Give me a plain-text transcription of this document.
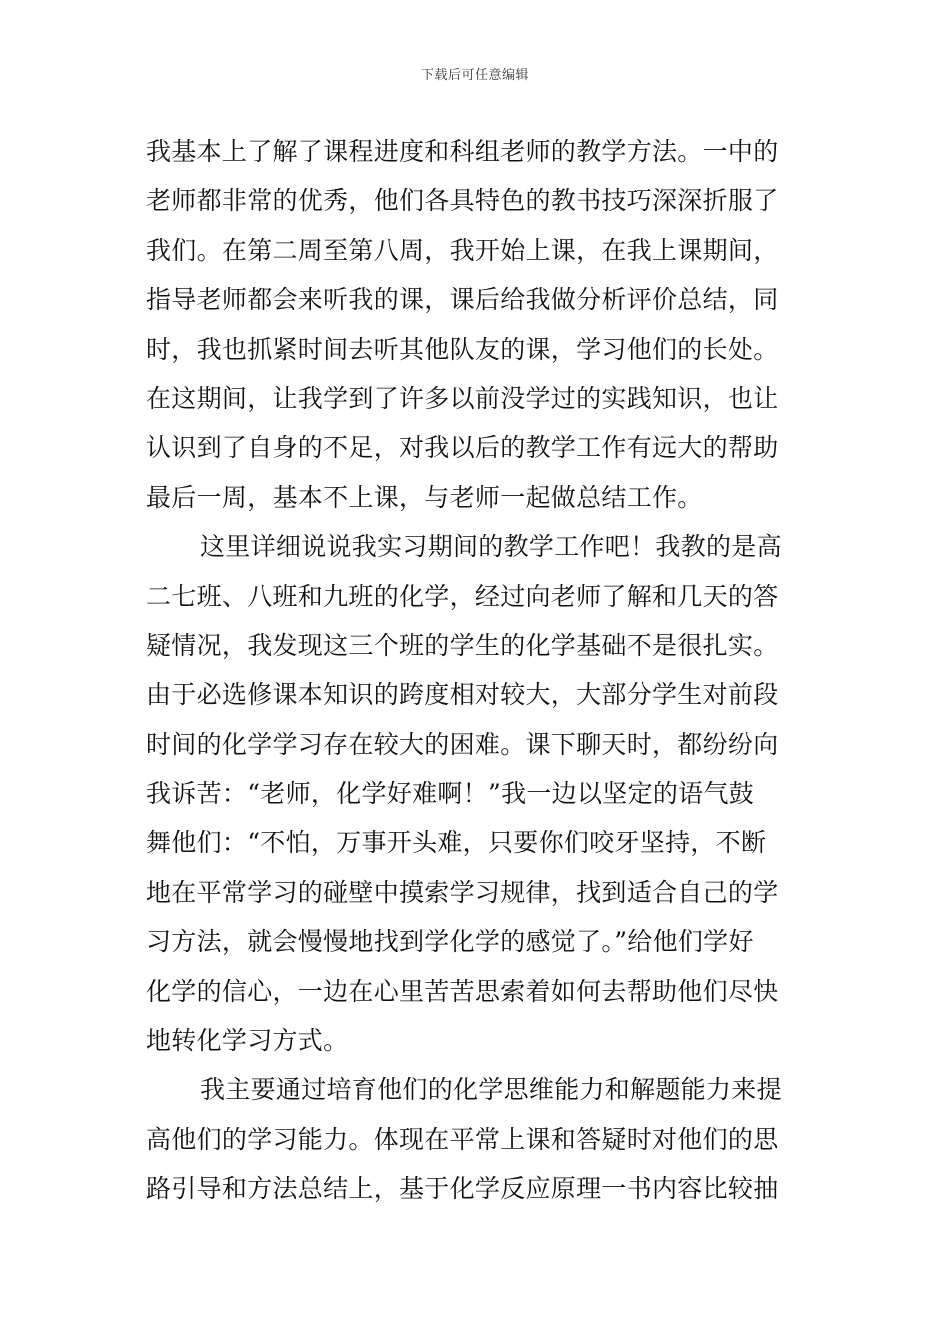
下载后可任意编辑
我基本上了解了课程进度和科组老师的教学方法。一中的
老师都非常的优秀，他们各具特色的教书技巧深深折服了
我们。在第二周至第八周，我开始上课，在我上课期间，
指导老师都会来听我的课，课后给我做分析评价总结，同
时，我也抓紧时间去听其他队友的课，学习他们的长处。
在这期间，让我学到了许多以前没学过的实践知识，也让
认识到了自身的不足，对我以后的教学工作有远大的帮助
最后一周，基本不上课，与老师一起做总结工作。
这里详细说说我实习期间的教学工作吧！我教的是高
二七班、八班和九班的化学，经过向老师了解和几天的答
疑情况，我发现这三个班的学生的化学基础不是很扎实。
由于必选修课本知识的跨度相对较大，大部分学生对前段
时间的化学学习存在较大的困难。课下聊天时，都纷纷向
我诉苦：“老师，化学好难啊！”我一边以坚定的语气鼓
舞他们：“不怕，万事开头难，只要你们咬牙坚持，不断
地在平常学习的碰壁中摸索学习规律，找到适合自己的学
习方法，就会慢慢地找到学化学的感觉了。”给他们学好
化学的信心，一边在心里苦苦思索着如何去帮助他们尽快
地转化学习方式。
我主要通过培育他们的化学思维能力和解题能力来提
高他们的学习能力。体现在平常上课和答疑时对他们的思
路引导和方法总结上，基于化学反应原理一书内容比较抽
